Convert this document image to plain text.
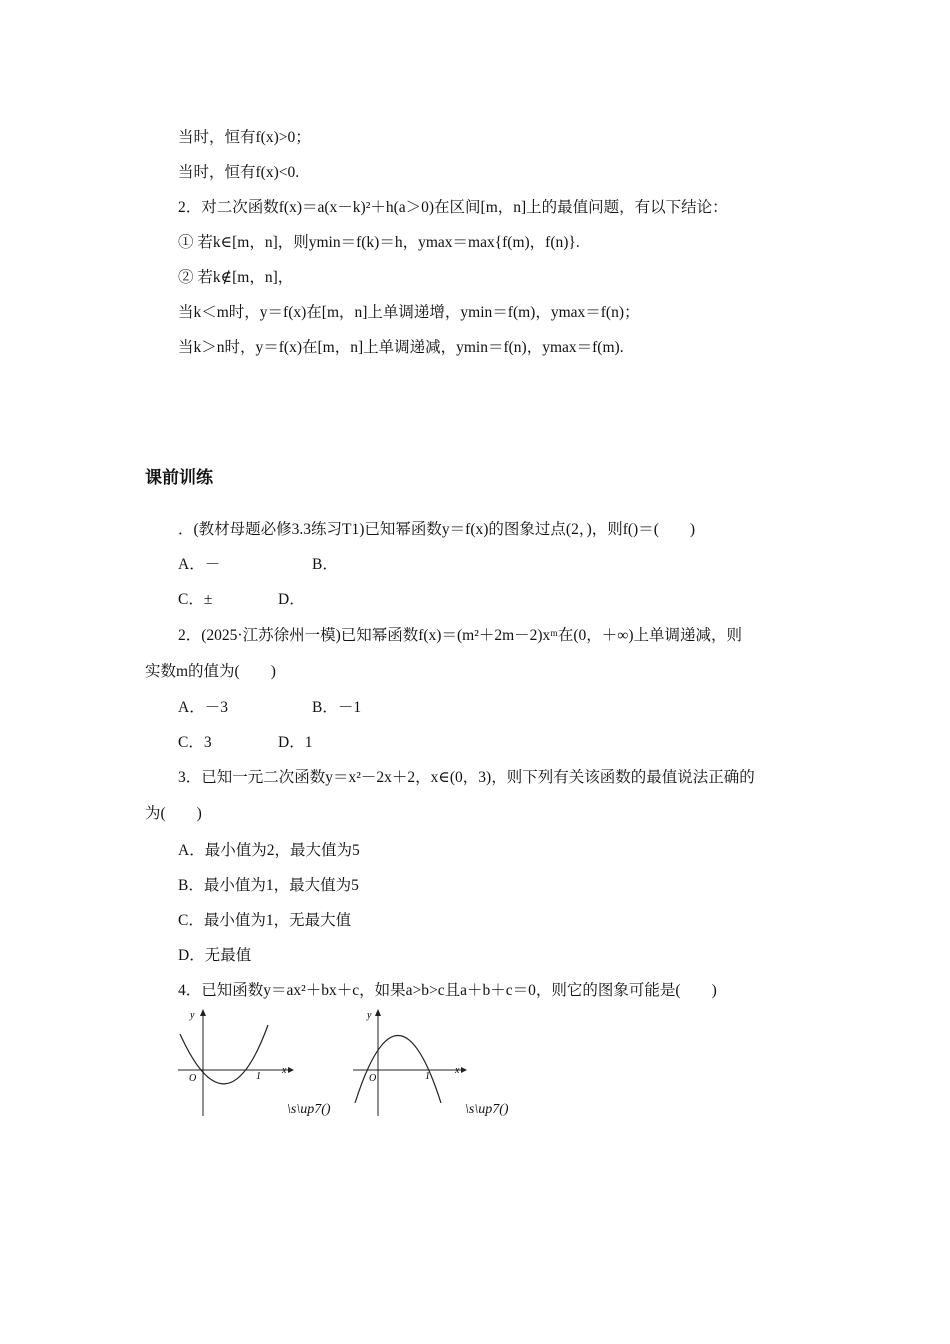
当时，恒有f(x)>0；
当时，恒有f(x)<0.
2．对二次函数f(x)＝a(x－k)²＋h(a＞0)在区间[m，n]上的最值问题，有以下结论：
① 若k∈[m，n]，则ymin＝f(k)＝h，ymax＝max{f(m)，f(n)}.
② 若k∉[m，n]，
当k＜m时，y＝f(x)在[m，n]上单调递增，ymin＝f(m)，ymax＝f(n)；
当k＞n时，y＝f(x)在[m，n]上单调递减，ymin＝f(n)，ymax＝f(m).
课前训练
．(教材母题必修3.3练习T1)已知幂函数y＝f(x)的图象过点(2，)，则f()＝(　　)
A．－	B．
C．±	D．
2．(2025·江苏徐州一模)已知幂函数f(x)＝(m²＋2m－2)xᵐ在(0，＋∞)上单调递减，则
实数m的值为(　　)
A．－3	B．－1
C．3	D．1
3．已知一元二次函数y＝x²－2x＋2，x∈(0，3)，则下列有关该函数的最值说法正确的
为(　　)
A．最小值为2，最大值为5
B．最小值为1，最大值为5
C．最小值为1，无最大值
D．无最值
4．已知函数y＝ax²＋bx＋c，如果a>b>c且a＋b＋c＝0，则它的图象可能是(　　)
y
x
O	1
\s\up7()
y
x
O	1
\s\up7()
